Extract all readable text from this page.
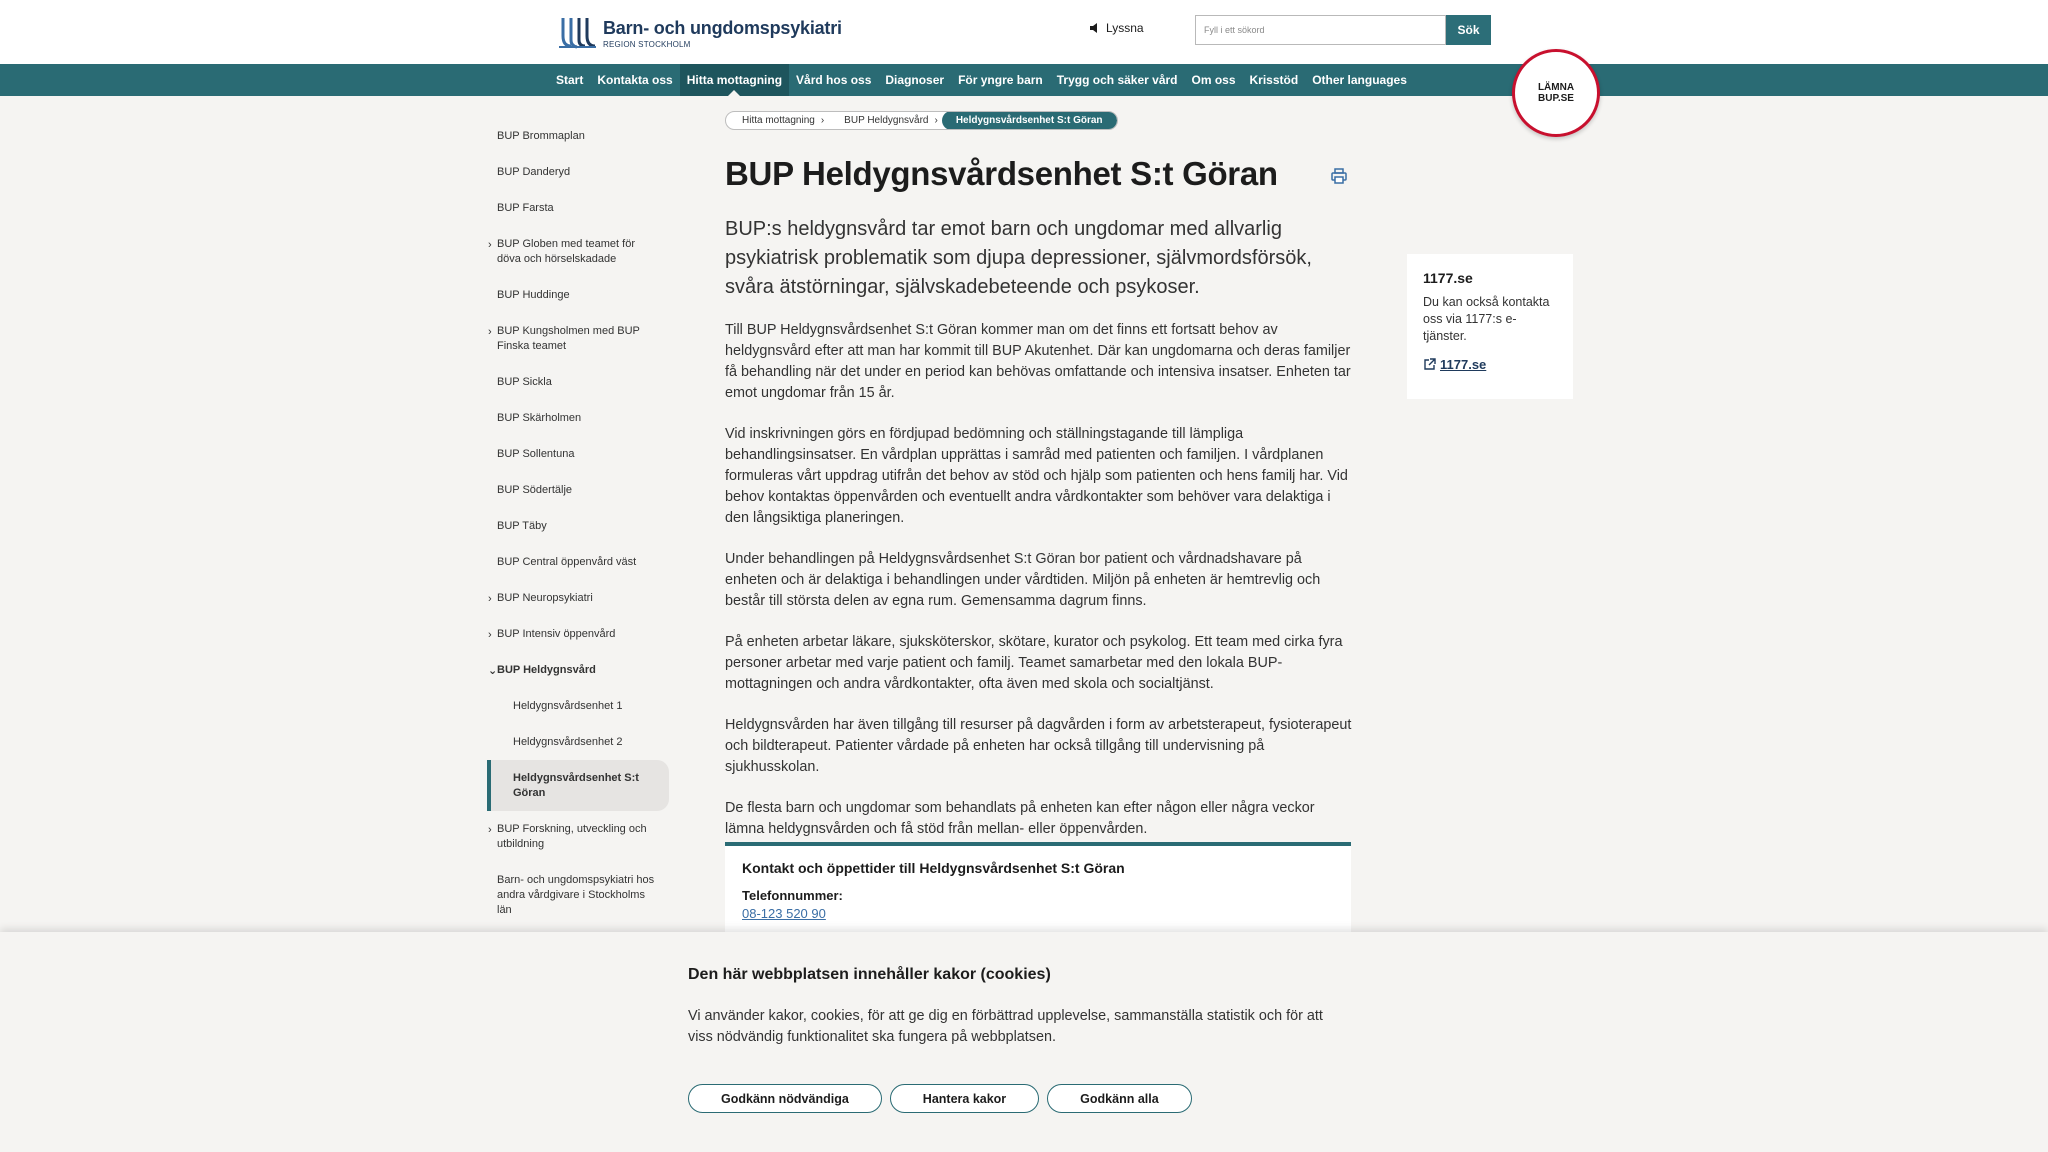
Barn- och ungdomspsykiatri
REGION STOCKHOLM
Lyssna
Fyll i ett sökord	Sök
Start	Kontakta oss	Hitta mottagning	Vård hos oss	Diagnoser	För yngre barn	Trygg och säker vård	Om oss	Krisstöd	Other languages
LÄMNA
BUP.SE
BUP Brommaplan
BUP Danderyd
BUP Farsta
› BUP Globen med teamet för döva och hörselskadade
BUP Huddinge
› BUP Kungsholmen med BUP Finska teamet
BUP Sickla
BUP Skärholmen
BUP Sollentuna
BUP Södertälje
BUP Täby
BUP Central öppenvård väst
› BUP Neuropsykiatri
› BUP Intensiv öppenvård
⌄ BUP Heldygnsvård
Heldygnsvårdsenhet 1
Heldygnsvårdsenhet 2
Heldygnsvårdsenhet S:t Göran
› BUP Forskning, utveckling och utbildning
Barn- och ungdomspsykiatri hos andra vårdgivare i Stockholms län
Hitta mottagning ›	BUP Heldygnsvård ›	Heldygnsvårdsenhet S:t Göran
BUP Heldygnsvårdsenhet S:t Göran

BUP:s heldygnsvård tar emot barn och ungdomar med allvarlig psykiatrisk problematik som djupa depressioner, självmordsförsök, svåra ätstörningar, självskadebeteende och psykoser.

Till BUP Heldygnsvårdsenhet S:t Göran kommer man om det finns ett fortsatt behov av heldygnsvård efter att man har kommit till BUP Akutenhet. Där kan ungdomarna och deras familjer få behandling när det under en period kan behövas omfattande och intensiva insatser. Enheten tar emot ungdomar från 15 år.

Vid inskrivningen görs en fördjupad bedömning och ställningstagande till lämpliga behandlingsinsatser. En vårdplan upprättas i samråd med patienten och familjen. I vårdplanen formuleras vårt uppdrag utifrån det behov av stöd och hjälp som patienten och hens familj har. Vid behov kontaktas öppenvården och eventuellt andra vårdkontakter som behöver vara delaktiga i den långsiktiga planeringen.

Under behandlingen på Heldygnsvårdsenhet S:t Göran bor patient och vårdnadshavare på enheten och är delaktiga i behandlingen under vårdtiden. Miljön på enheten är hemtrevlig och består till största delen av egna rum. Gemensamma dagrum finns.

På enheten arbetar läkare, sjuksköterskor, skötare, kurator och psykolog. Ett team med cirka fyra personer arbetar med varje patient och familj. Teamet samarbetar med den lokala BUP-mottagningen och andra vårdkontakter, ofta även med skola och socialtjänst.

Heldygnsvården har även tillgång till resurser på dagvården i form av arbetsterapeut, fysioterapeut och bildterapeut. Patienter vårdade på enheten har också tillgång till undervisning på sjukhusskolan.

De flesta barn och ungdomar som behandlats på enheten kan efter någon eller några veckor lämna heldygnsvården och få stöd från mellan- eller öppenvården.

Kontakt och öppettider till Heldygnsvårdsenhet S:t Göran
Telefonnummer:
08-123 520 90
1177.se
Du kan också kontakta oss via 1177:s e-tjänster.
1177.se
Den här webbplatsen innehåller kakor (cookies)
Vi använder kakor, cookies, för att ge dig en förbättrad upplevelse, sammanställa statistik och för att viss nödvändig funktionalitet ska fungera på webbplatsen.
Godkänn nödvändiga	Hantera kakor	Godkänn alla
